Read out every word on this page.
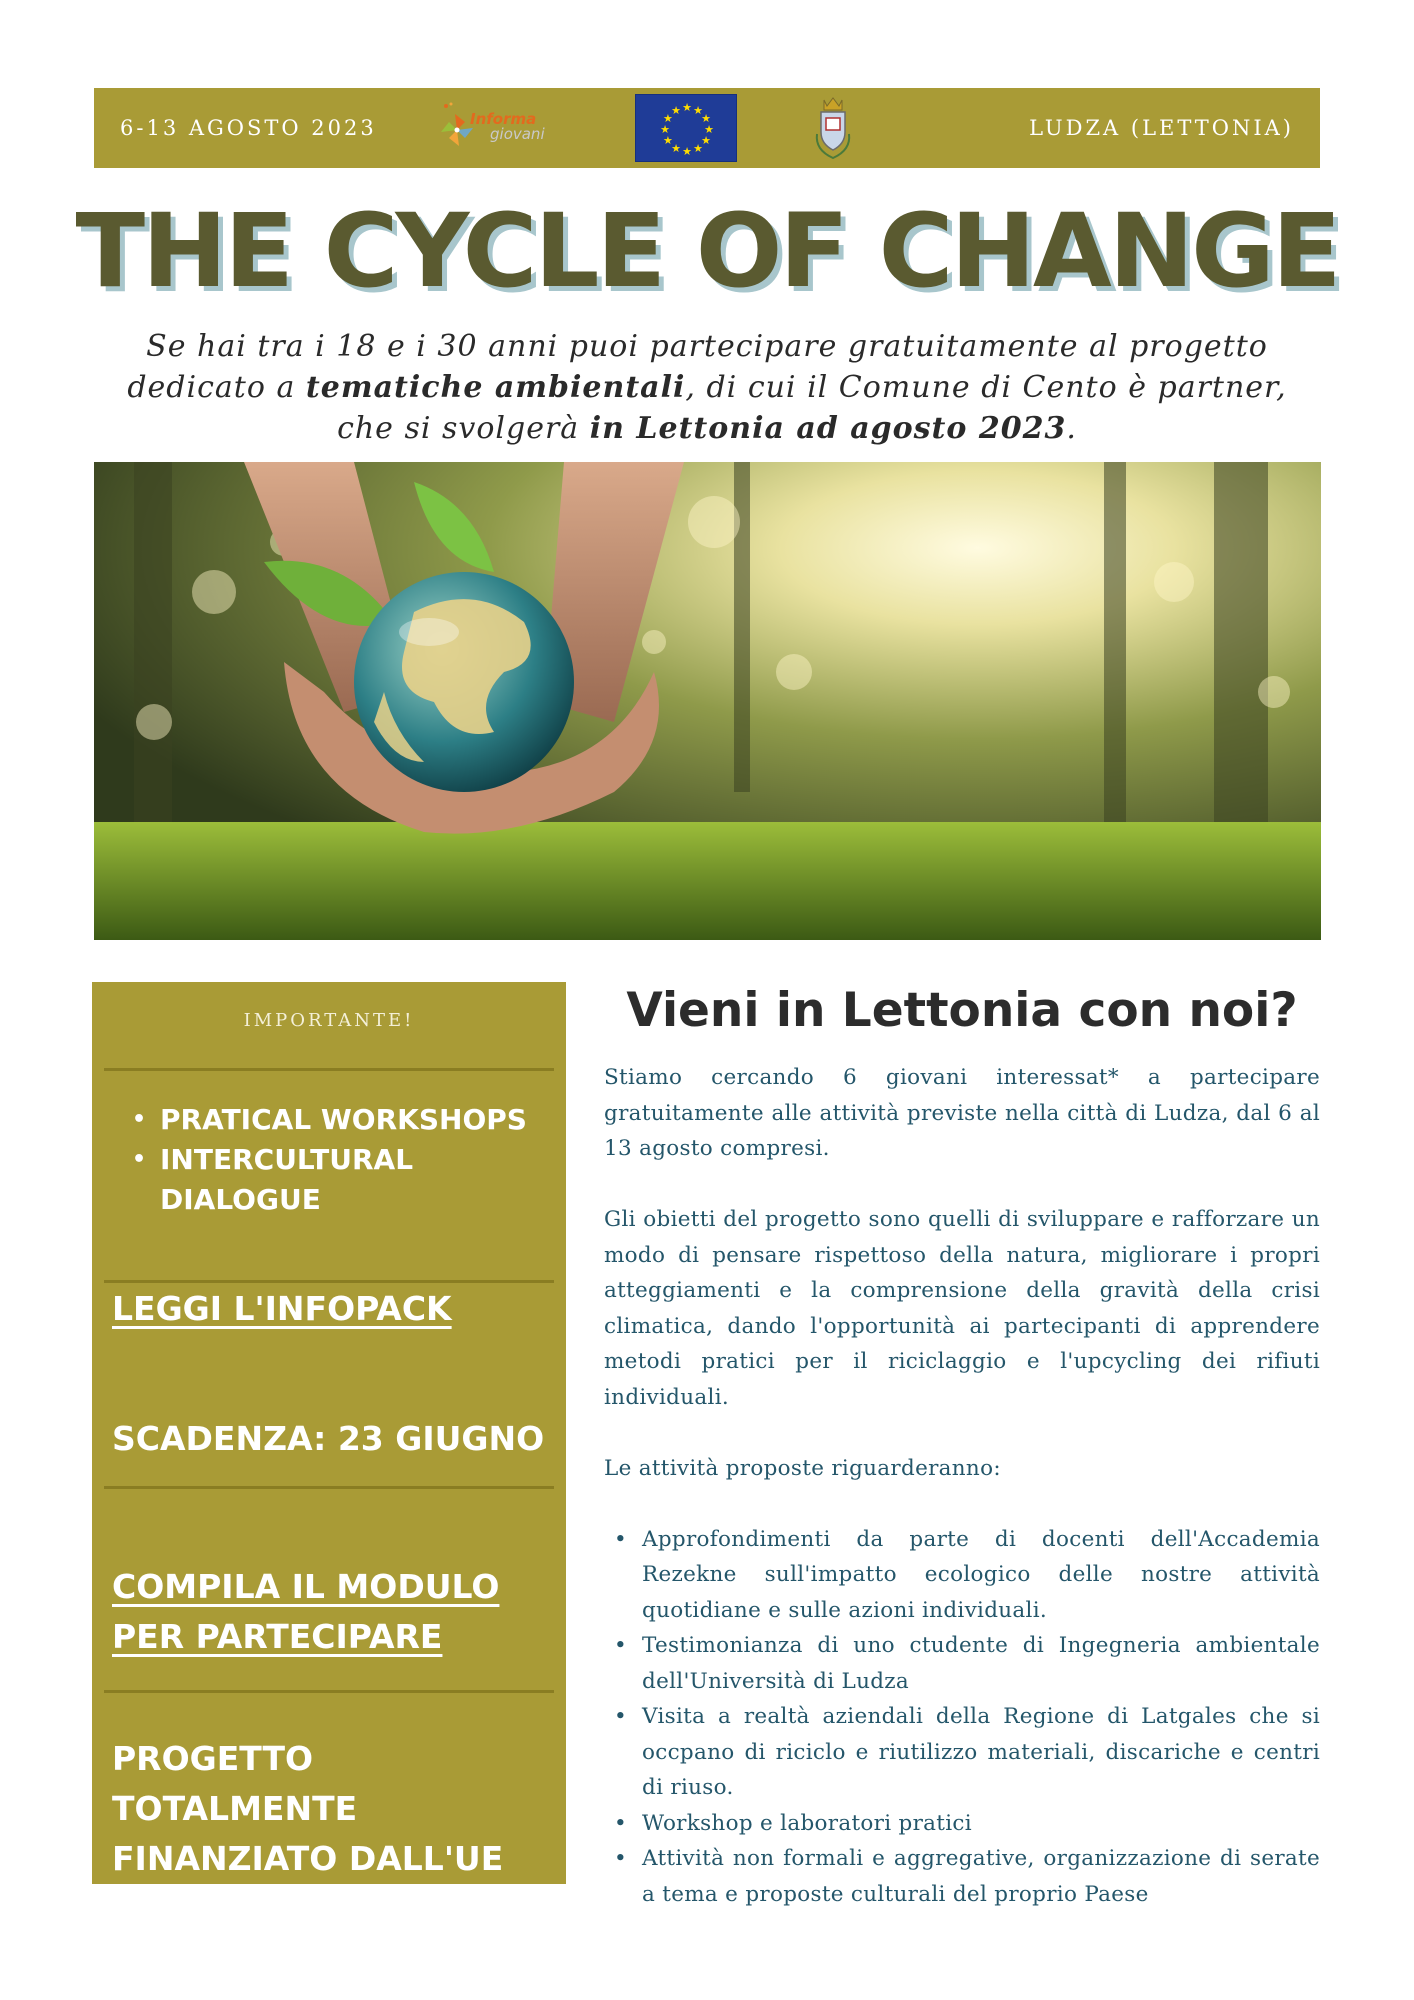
6-13 AGOSTO 2023	Informa
giovani
★ ★
★
★
★
★
★
★
★
★
★
★
LUDZA (LETTONIA)
THE CYCLE OF CHANGE

Se hai tra i 18 e i 30 anni puoi partecipare gratuitamente al progetto dedicato a tematiche ambientali, di cui il Comune di Cento è partner, che si svolgerà in Lettonia ad agosto 2023.

IMPORTANTE!
• PRATICAL WORKSHOPS
• INTERCULTURAL DIALOGUE
LEGGI L'INFOPACK
SCADENZA: 23 GIUGNO
COMPILA IL MODULO PER PARTECIPARE
PROGETTO TOTALMENTE FINANZIATO DALL'UE
Vieni in Lettonia con noi?

Stiamo cercando 6 giovani interessat* a partecipare gratuitamente alle attività previste nella città di Ludza, dal 6 al 13 agosto compresi.

Gli obietti del progetto sono quelli di sviluppare e rafforzare un modo di pensare rispettoso della natura, migliorare i propri atteggiamenti e la comprensione della gravità della crisi climatica, dando l'opportunità ai partecipanti di apprendere metodi pratici per il riciclaggio e l'upcycling dei rifiuti individuali.

Le attività proposte riguarderanno:

• Approfondimenti da parte di docenti dell'Accademia Rezekne sull'impatto ecologico delle nostre attività quotidiane e sulle azioni individuali.
• Testimonianza di uno ctudente di Ingegneria ambientale dell'Università di Ludza
• Visita a realtà aziendali della Regione di Latgales che si occpano di riciclo e riutilizzo materiali, discariche e centri di riuso.
• Workshop e laboratori pratici
• Attività non formali e aggregative, organizzazione di serate a tema e proposte culturali del proprio Paese
